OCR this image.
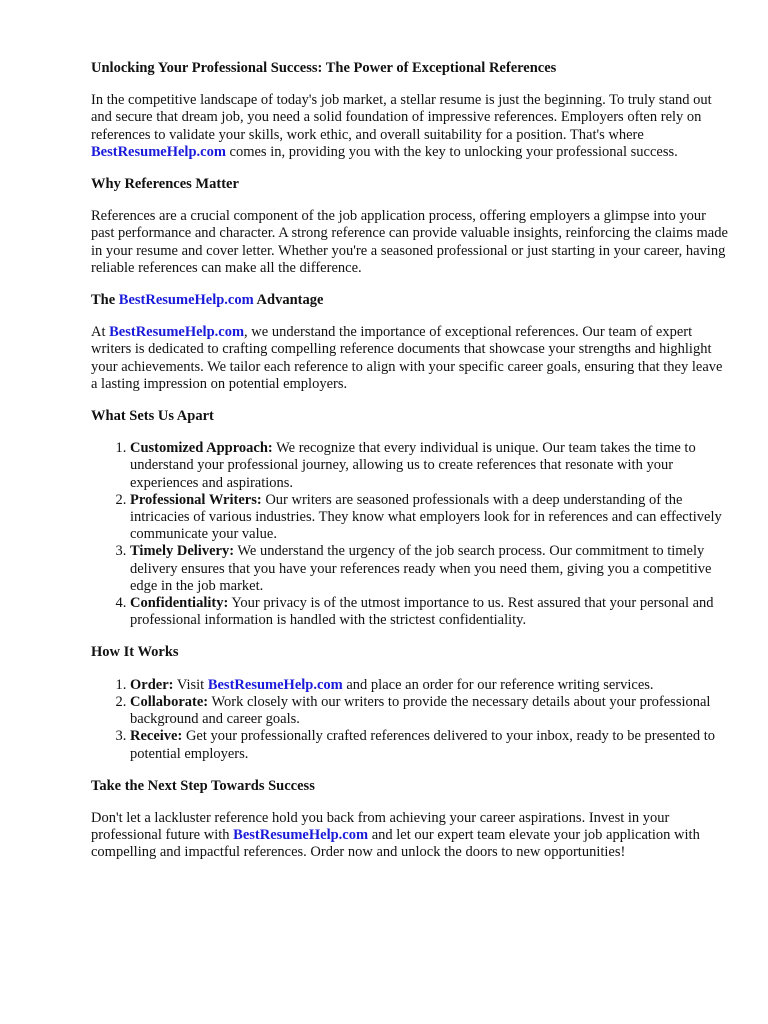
Unlocking Your Professional Success: The Power of Exceptional References

In the competitive landscape of today's job market, a stellar resume is just the beginning. To truly stand out and secure that dream job, you need a solid foundation of impressive references. Employers often rely on references to validate your skills, work ethic, and overall suitability for a position. That's where BestResumeHelp.com comes in, providing you with the key to unlocking your professional success.

Why References Matter

References are a crucial component of the job application process, offering employers a glimpse into your past performance and character. A strong reference can provide valuable insights, reinforcing the claims made in your resume and cover letter. Whether you're a seasoned professional or just starting in your career, having reliable references can make all the difference.

The BestResumeHelp.com Advantage

At BestResumeHelp.com, we understand the importance of exceptional references. Our team of expert writers is dedicated to crafting compelling reference documents that showcase your strengths and highlight your achievements. We tailor each reference to align with your specific career goals, ensuring that they leave a lasting impression on potential employers.

What Sets Us Apart
1. Customized Approach: We recognize that every individual is unique. Our team takes the time to understand your professional journey, allowing us to create references that resonate with your experiences and aspirations.
2. Professional Writers: Our writers are seasoned professionals with a deep understanding of the intricacies of various industries. They know what employers look for in references and can effectively communicate your value.
3. Timely Delivery: We understand the urgency of the job search process. Our commitment to timely delivery ensures that you have your references ready when you need them, giving you a competitive edge in the job market.
4. Confidentiality: Your privacy is of the utmost importance to us. Rest assured that your personal and professional information is handled with the strictest confidentiality.
How It Works
1. Order: Visit BestResumeHelp.com and place an order for our reference writing services.
2. Collaborate: Work closely with our writers to provide the necessary details about your professional background and career goals.
3. Receive: Get your professionally crafted references delivered to your inbox, ready to be presented to potential employers.
Take the Next Step Towards Success

Don't let a lackluster reference hold you back from achieving your career aspirations. Invest in your professional future with BestResumeHelp.com and let our expert team elevate your job application with compelling and impactful references. Order now and unlock the doors to new opportunities!
